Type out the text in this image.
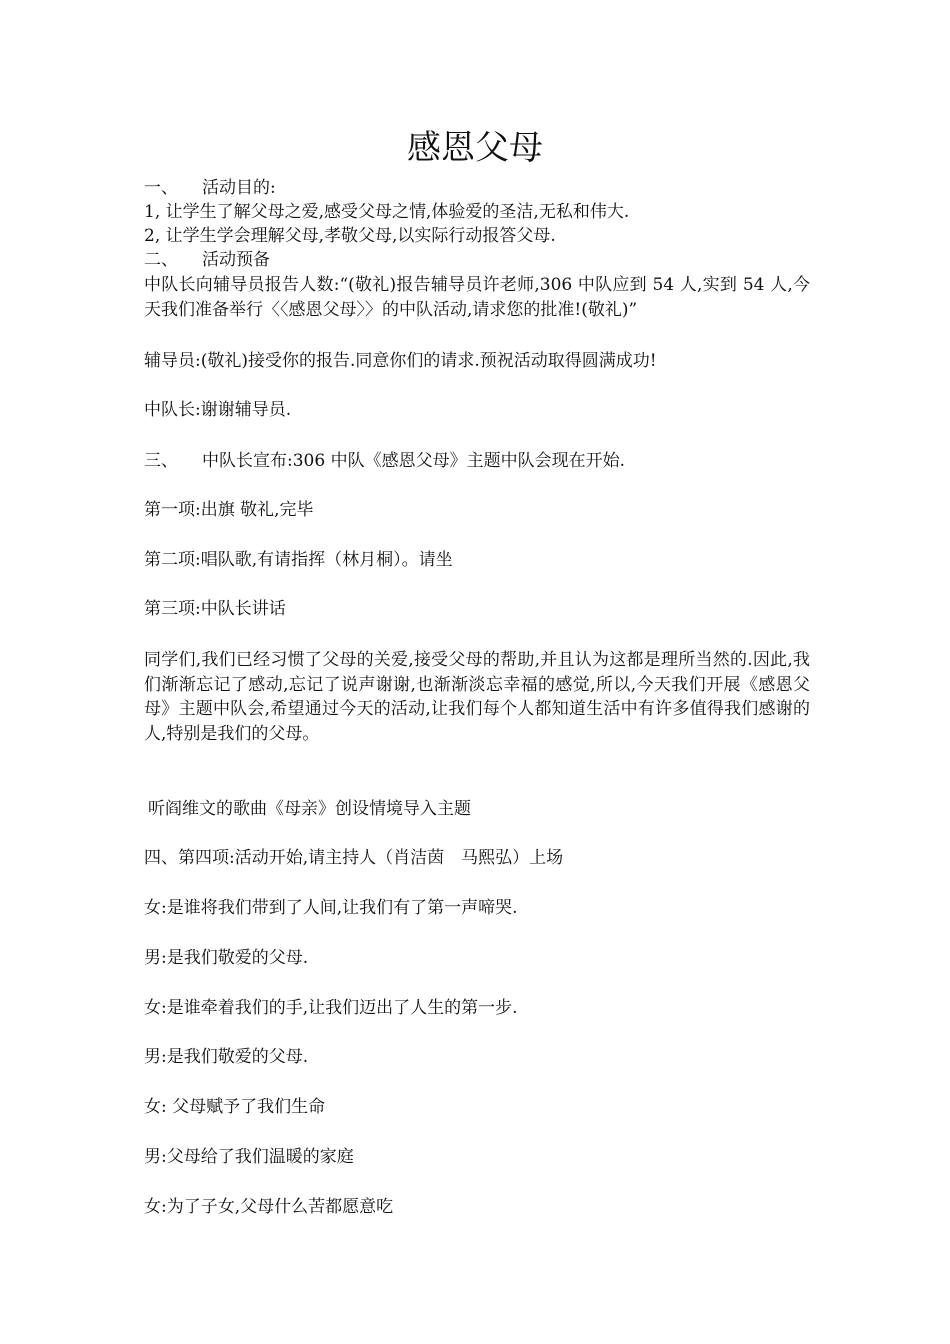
感恩父母
一、 活动目的:
1, 让学生了解父母之爱,感受父母之情,体验爱的圣洁,无私和伟大.
2, 让学生学会理解父母,孝敬父母,以实际行动报答父母.
二、 活动预备
中队长向辅导员报告人数:“(敬礼)报告辅导员许老师,306 中队应到 54 人,实到 54 人,今天我们准备举行〈〈感恩父母〉〉的中队活动,请求您的批准!(敬礼)”
辅导员:(敬礼)接受你的报告.同意你们的请求.预祝活动取得圆满成功!
中队长:谢谢辅导员.
三、 中队长宣布:306 中队《感恩父母》主题中队会现在开始.
第一项:出旗 敬礼,完毕
第二项:唱队歌,有请指挥（林月桐）。请坐
第三项:中队长讲话
同学们,我们已经习惯了父母的关爱,接受父母的帮助,并且认为这都是理所当然的.因此,我们渐渐忘记了感动,忘记了说声谢谢,也渐渐淡忘幸福的感觉,所以,今天我们开展《感恩父母》主题中队会,希望通过今天的活动,让我们每个人都知道生活中有许多值得我们感谢的人,特别是我们的父母。
听阎维文的歌曲《母亲》创设情境导入主题
四、第四项:活动开始,请主持人（肖洁茵　马熙弘）上场
女:是谁将我们带到了人间,让我们有了第一声啼哭.
男:是我们敬爱的父母.
女:是谁牵着我们的手,让我们迈出了人生的第一步.
男:是我们敬爱的父母.
女: 父母赋予了我们生命
男:父母给了我们温暖的家庭
女:为了子女,父母什么苦都愿意吃
